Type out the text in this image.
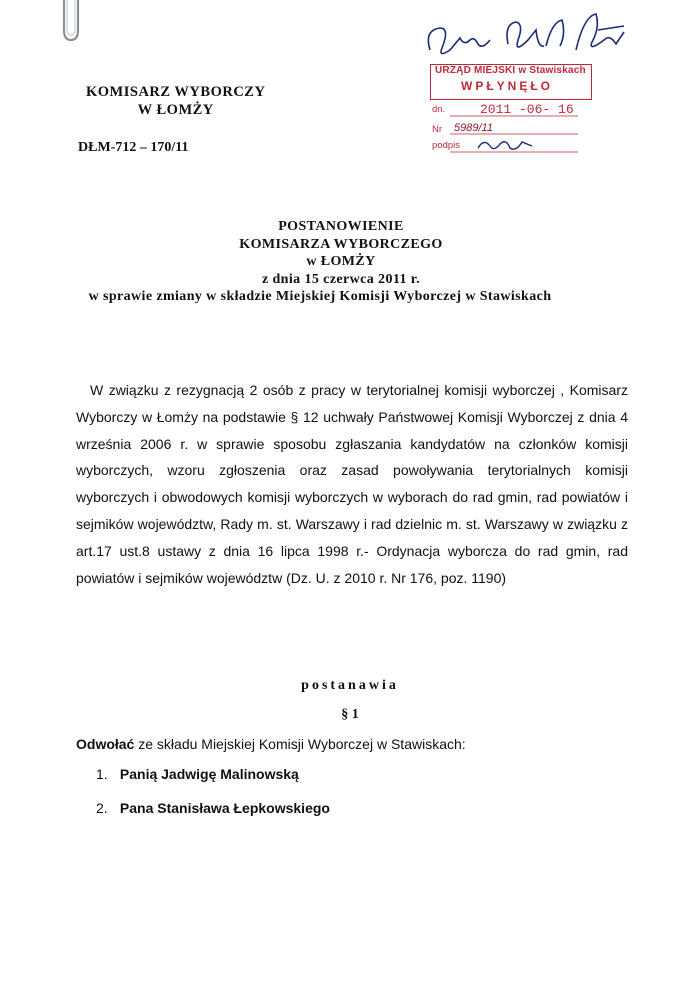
URZĄD MIEJSKI w Stawiskach
WPŁYNĘŁO
dn.	2011 -06- 16
Nr 5989/11
podpis
KOMISARZ WYBORCZY
W ŁOMŻY
DŁM-712 – 170/11
POSTANOWIENIE
KOMISARZA WYBORCZEGO
w ŁOMŻY
z dnia 15 czerwca 2011 r.
w sprawie zmiany w składzie Miejskiej Komisji Wyborczej w Stawiskach
W związku z rezygnacją 2 osób z pracy w terytorialnej komisji wyborczej , Komisarz Wyborczy w Łomży na podstawie § 12 uchwały Państwowej Komisji Wyborczej z dnia 4 września 2006 r. w sprawie sposobu zgłaszania kandydatów na członków komisji wyborczych, wzoru zgłoszenia oraz zasad powoływania terytorialnych komisji wyborczych i obwodowych komisji wyborczych w wyborach do rad gmin, rad powiatów i sejmików województw, Rady m. st. Warszawy i rad dzielnic m. st. Warszawy w związku z art.17 ust.8 ustawy z dnia 16 lipca 1998 r.- Ordynacja wyborcza do rad gmin, rad powiatów i sejmików województw (Dz. U. z 2010 r. Nr 176, poz. 1190)
postanawia
§ 1
Odwołać ze składu Miejskiej Komisji Wyborczej w Stawiskach:
1. Panią Jadwigę Malinowską
2. Pana Stanisława Łepkowskiego
